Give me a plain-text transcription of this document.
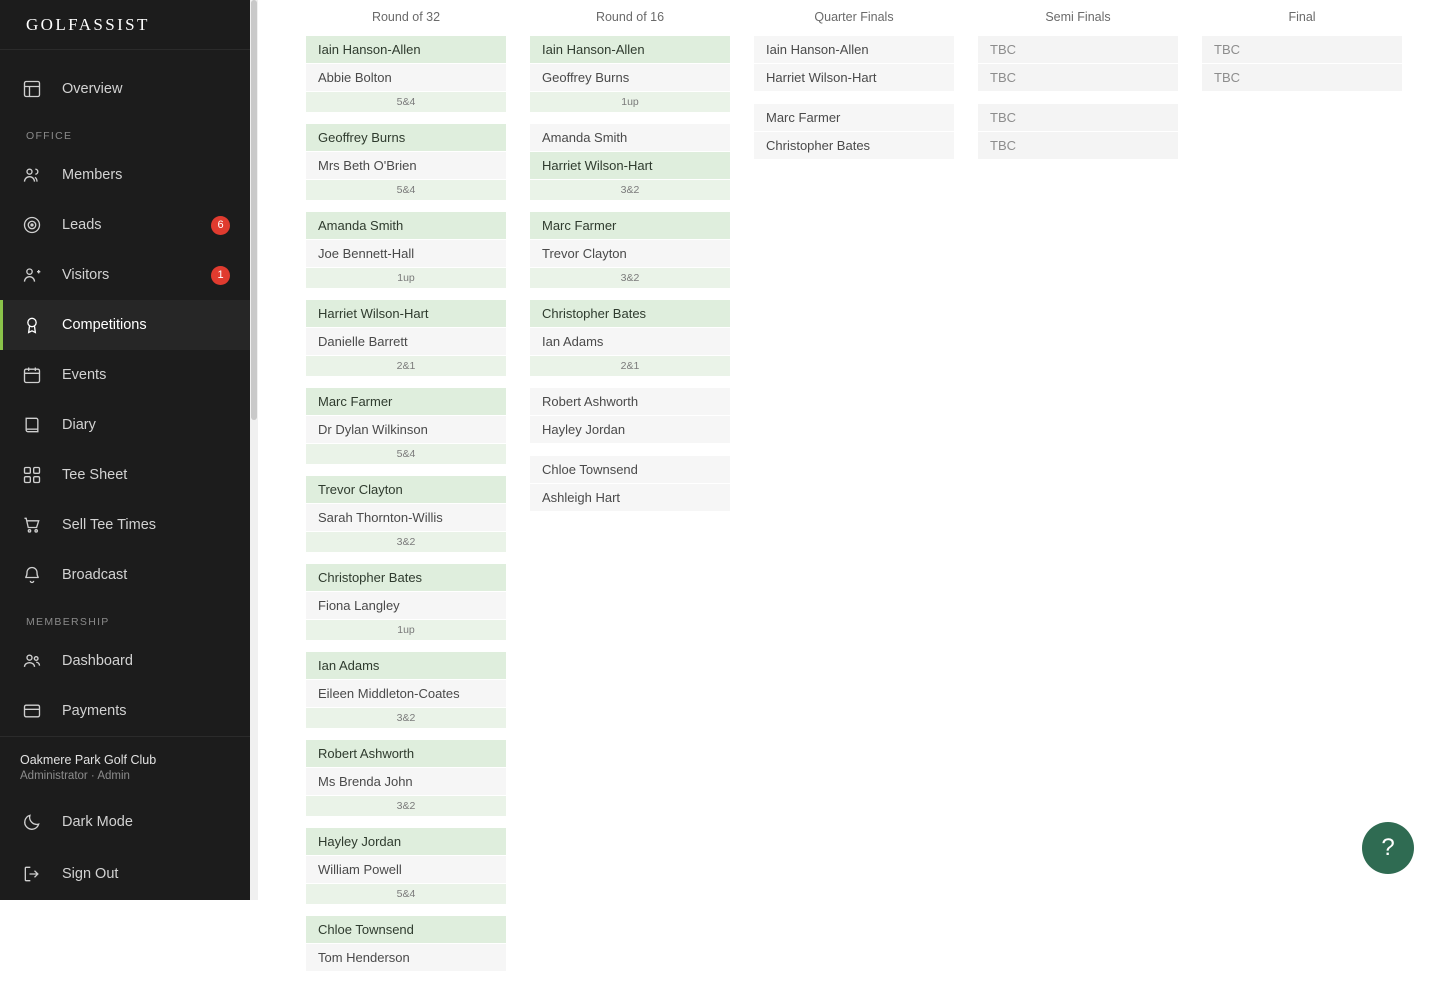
GOLFASSIST
Overview
OFFICE
Members
Leads	6
Visitors	1
Competitions
Events
Diary
Tee Sheet
Sell Tee Times
Broadcast
MEMBERSHIP
Dashboard
Payments
Oakmere Park Golf Club
Administrator · Admin
Dark Mode
Sign Out
Round of 32
Iain Hanson-Allen
Abbie Bolton
5&4
Geoffrey Burns
Mrs Beth O'Brien
5&4
Amanda Smith
Joe Bennett-Hall
1up
Harriet Wilson-Hart
Danielle Barrett
2&1
Marc Farmer
Dr Dylan Wilkinson
5&4
Trevor Clayton
Sarah Thornton-Willis
3&2
Christopher Bates
Fiona Langley
1up
Ian Adams
Eileen Middleton-Coates
3&2
Robert Ashworth
Ms Brenda John
3&2
Hayley Jordan
William Powell
5&4
Chloe Townsend
Tom Henderson
Round of 16
Iain Hanson-Allen
Geoffrey Burns
1up
Amanda Smith
Harriet Wilson-Hart
3&2
Marc Farmer
Trevor Clayton
3&2
Christopher Bates
Ian Adams
2&1
Robert Ashworth
Hayley Jordan
Chloe Townsend
Ashleigh Hart
Quarter Finals
Iain Hanson-Allen
Harriet Wilson-Hart
Marc Farmer
Christopher Bates
Semi Finals
TBC
TBC
TBC
TBC
Final
TBC
TBC
?
